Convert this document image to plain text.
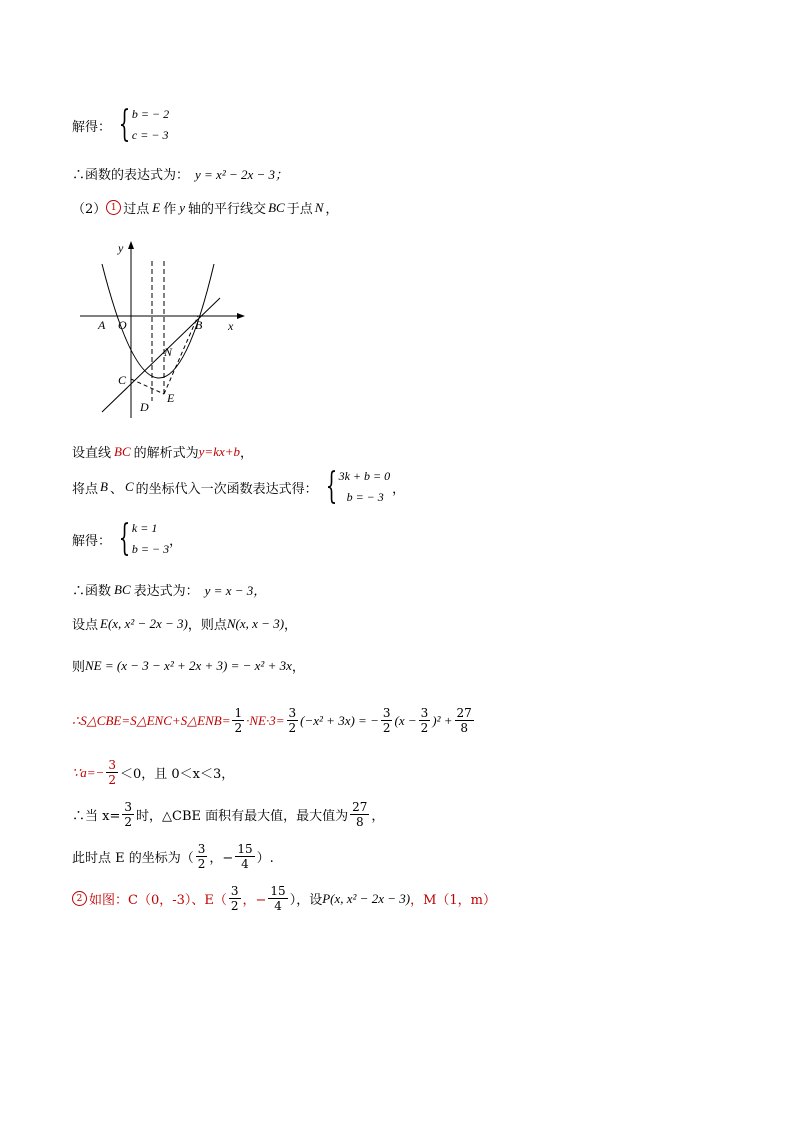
解得： { b = − 2
c = − 3
∴函数的表达式为： y = x² − 2x − 3；
（2） 1 过点 E 作 y 轴的平行线交 BC 于点 N ，
y
x
A O	B
N
C
D
E
设直线 BC 的解析式为 y=kx+b ，
将点 B 、 C 的坐标代入一次函数表达式得： { 3k + b = 0
b = − 3
，
解得： { k = 1
b = − 3
，
∴函数 BC 表达式为： y = x − 3，
设点 E(x, x² − 2x − 3) ，则点 N(x, x − 3) ，
则 NE = (x − 3 − x² + 2x + 3) = − x² + 3x ，
∴S△CBE=S△ENC+S△ENB= $\frac{1}{2} \cdot NE\cdot 3= \frac{3}{2} (-x^2 + 3x)$ = − $\frac{3}{2} (x - \frac{3}{2} )^2 + \frac{27}{8}$
∵a=− $\frac{3}{2} <0$，且 0＜x＜3，
∴当 $x= \frac{3}{2}$ 时，△CBE 面积有最大值，最大值为 $\frac{27}{8}$ ，
此时点 E 的坐标为（ $\frac{3}{2}$ ，− $\frac{15}{4}$ ）.
2 如图：C（0，-3）、$E( \frac{3}{2}$ ，− $\frac{15}{4}$ ），设 P(x, x² − 2x − 3) ，M（1，m）
